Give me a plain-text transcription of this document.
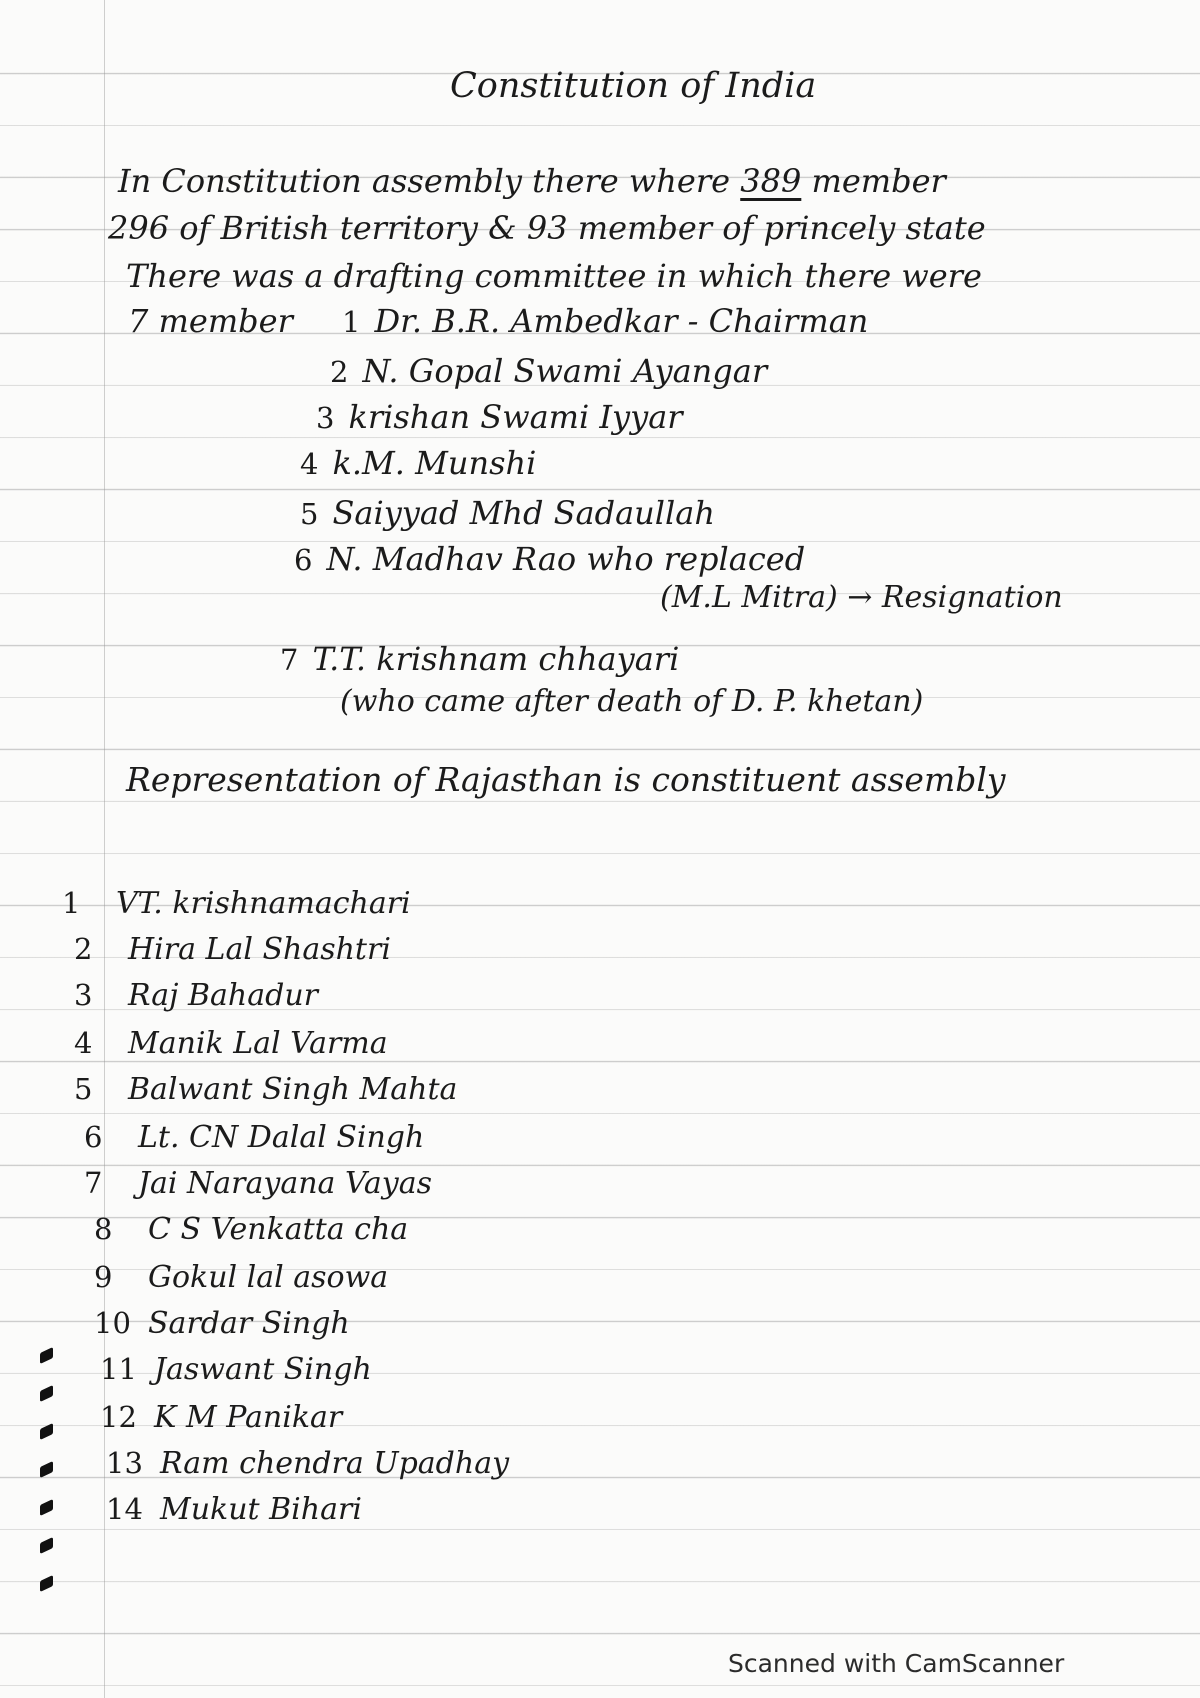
Constitution of India
In Constitution assembly there where 389 member
296 of British territory & 93 member of princely state
There was a drafting committee in which there were
7 member 1 Dr. B.R. Ambedkar - Chairman
2 N. Gopal Swami Ayangar
3 krishan Swami Iyyar
4 k.M. Munshi
5 Saiyyad Mhd Sadaullah
6 N. Madhav Rao who replaced
(M.L Mitra) → Resignation
7 T.T. krishnam chhayari
(who came after death of D. P. khetan)
Representation of Rajasthan is constituent assembly
1 VT. krishnamachari
2 Hira Lal Shashtri
3 Raj Bahadur
4 Manik Lal Varma
5 Balwant Singh Mahta
6 Lt. CN Dalal Singh
7 Jai Narayana Vayas
8 C S Venkatta cha
9 Gokul lal asowa
10 Sardar Singh
11 Jaswant Singh
12 K M Panikar
13 Ram chendra Upadhay
14 Mukut Bihari
Scanned with CamScanner
